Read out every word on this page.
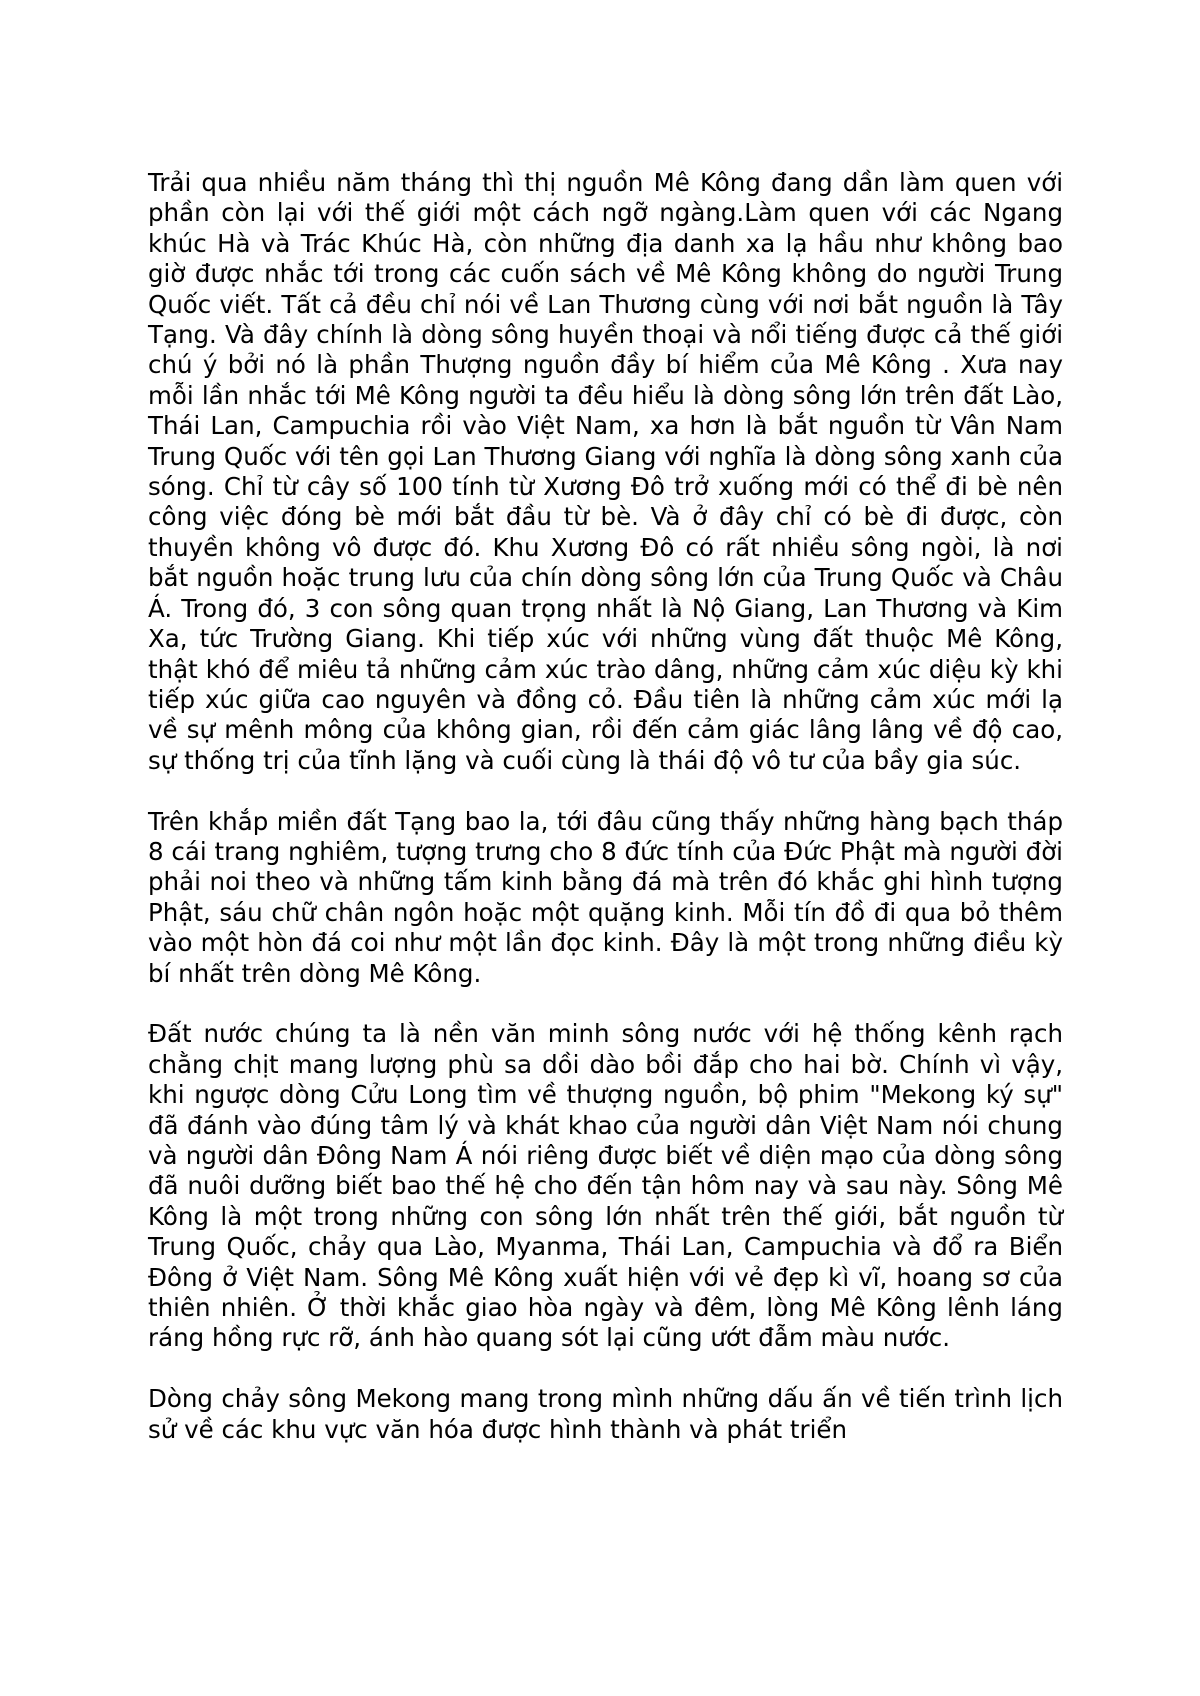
Trải qua nhiều năm tháng thì thị nguồn Mê Kông đang dần làm quen với phần còn lại với thế giới một cách ngỡ ngàng.Làm quen với các Ngang khúc Hà và Trác Khúc Hà, còn những địa danh xa lạ hầu như không bao giờ được nhắc tới trong các cuốn sách về Mê Kông không do người Trung Quốc viết. Tất cả đều chỉ nói về Lan Thương cùng với nơi bắt nguồn là Tây Tạng. Và đây chính là dòng sông huyền thoại và nổi tiếng được cả thế giới chú ý bởi nó là phần Thượng nguồn đầy bí hiểm của Mê Kông . Xưa nay mỗi lần nhắc tới Mê Kông người ta đều hiểu là dòng sông lớn trên đất Lào, Thái Lan, Campuchia rồi vào Việt Nam, xa hơn là bắt nguồn từ Vân Nam Trung Quốc với tên gọi Lan Thương Giang với nghĩa là dòng sông xanh của sóng. Chỉ từ cây số 100 tính từ Xương Đô trở xuống mới có thể đi bè nên công việc đóng bè mới bắt đầu từ bè. Và ở đây chỉ có bè đi được, còn thuyền không vô được đó. Khu Xương Đô có rất nhiều sông ngòi, là nơi bắt nguồn hoặc trung lưu của chín dòng sông lớn của Trung Quốc và Châu Á. Trong đó, 3 con sông quan trọng nhất là Nộ Giang, Lan Thương và Kim Xa, tức Trường Giang. Khi tiếp xúc với những vùng đất thuộc Mê Kông, thật khó để miêu tả những cảm xúc trào dâng, những cảm xúc diệu kỳ khi tiếp xúc giữa cao nguyên và đồng cỏ. Đầu tiên là những cảm xúc mới lạ về sự mênh mông của không gian, rồi đến cảm giác lâng lâng về độ cao, sự thống trị của tĩnh lặng và cuối cùng là thái độ vô tư của bầy gia súc.

Trên khắp miền đất Tạng bao la, tới đâu cũng thấy những hàng bạch tháp 8 cái trang nghiêm, tượng trưng cho 8 đức tính của Đức Phật mà người đời phải noi theo và những tấm kinh bằng đá mà trên đó khắc ghi hình tượng Phật, sáu chữ chân ngôn hoặc một quặng kinh. Mỗi tín đồ đi qua bỏ thêm vào một hòn đá coi như một lần đọc kinh. Đây là một trong những điều kỳ bí nhất trên dòng Mê Kông.

Đất nước chúng ta là nền văn minh sông nước với hệ thống kênh rạch chằng chịt mang lượng phù sa dồi dào bồi đắp cho hai bờ. Chính vì vậy, khi ngược dòng Cửu Long tìm về thượng nguồn, bộ phim "Mekong ký sự" đã đánh vào đúng tâm lý và khát khao của người dân Việt Nam nói chung và người dân Đông Nam Á nói riêng được biết về diện mạo của dòng sông đã nuôi dưỡng biết bao thế hệ cho đến tận hôm nay và sau này. Sông Mê Kông là một trong những con sông lớn nhất trên thế giới, bắt nguồn từ Trung Quốc, chảy qua Lào, Myanma, Thái Lan, Campuchia và đổ ra Biển Đông ở Việt Nam. Sông Mê Kông xuất hiện với vẻ đẹp kì vĩ, hoang sơ của thiên nhiên. Ở thời khắc giao hòa ngày và đêm, lòng Mê Kông lênh láng ráng hồng rực rỡ, ánh hào quang sót lại cũng ướt đẫm màu nước.

Dòng chảy sông Mekong mang trong mình những dấu ấn về tiến trình lịch sử về các khu vực văn hóa được hình thành và phát triển
